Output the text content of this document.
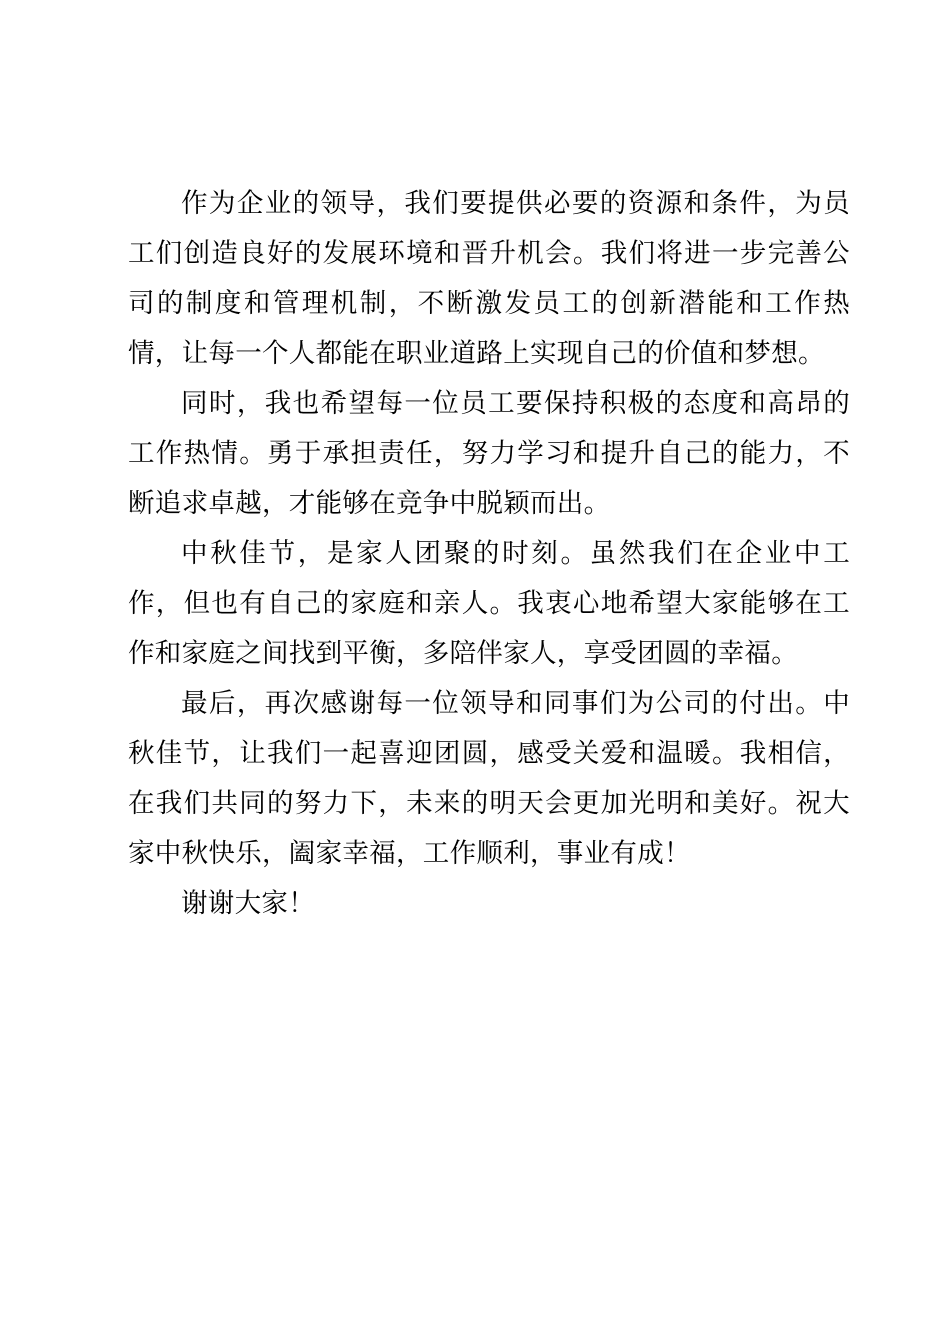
作为企业的领导，我们要提供必要的资源和条件，为员工们创造良好的发展环境和晋升机会。我们将进一步完善公司的制度和管理机制，不断激发员工的创新潜能和工作热情，让每一个人都能在职业道路上实现自己的价值和梦想。

同时，我也希望每一位员工要保持积极的态度和高昂的工作热情。勇于承担责任，努力学习和提升自己的能力，不断追求卓越，才能够在竞争中脱颖而出。

中秋佳节，是家人团聚的时刻。虽然我们在企业中工作，但也有自己的家庭和亲人。我衷心地希望大家能够在工作和家庭之间找到平衡，多陪伴家人，享受团圆的幸福。

最后，再次感谢每一位领导和同事们为公司的付出。中秋佳节，让我们一起喜迎团圆，感受关爱和温暖。我相信，在我们共同的努力下，未来的明天会更加光明和美好。祝大家中秋快乐，阖家幸福，工作顺利，事业有成！

谢谢大家！
